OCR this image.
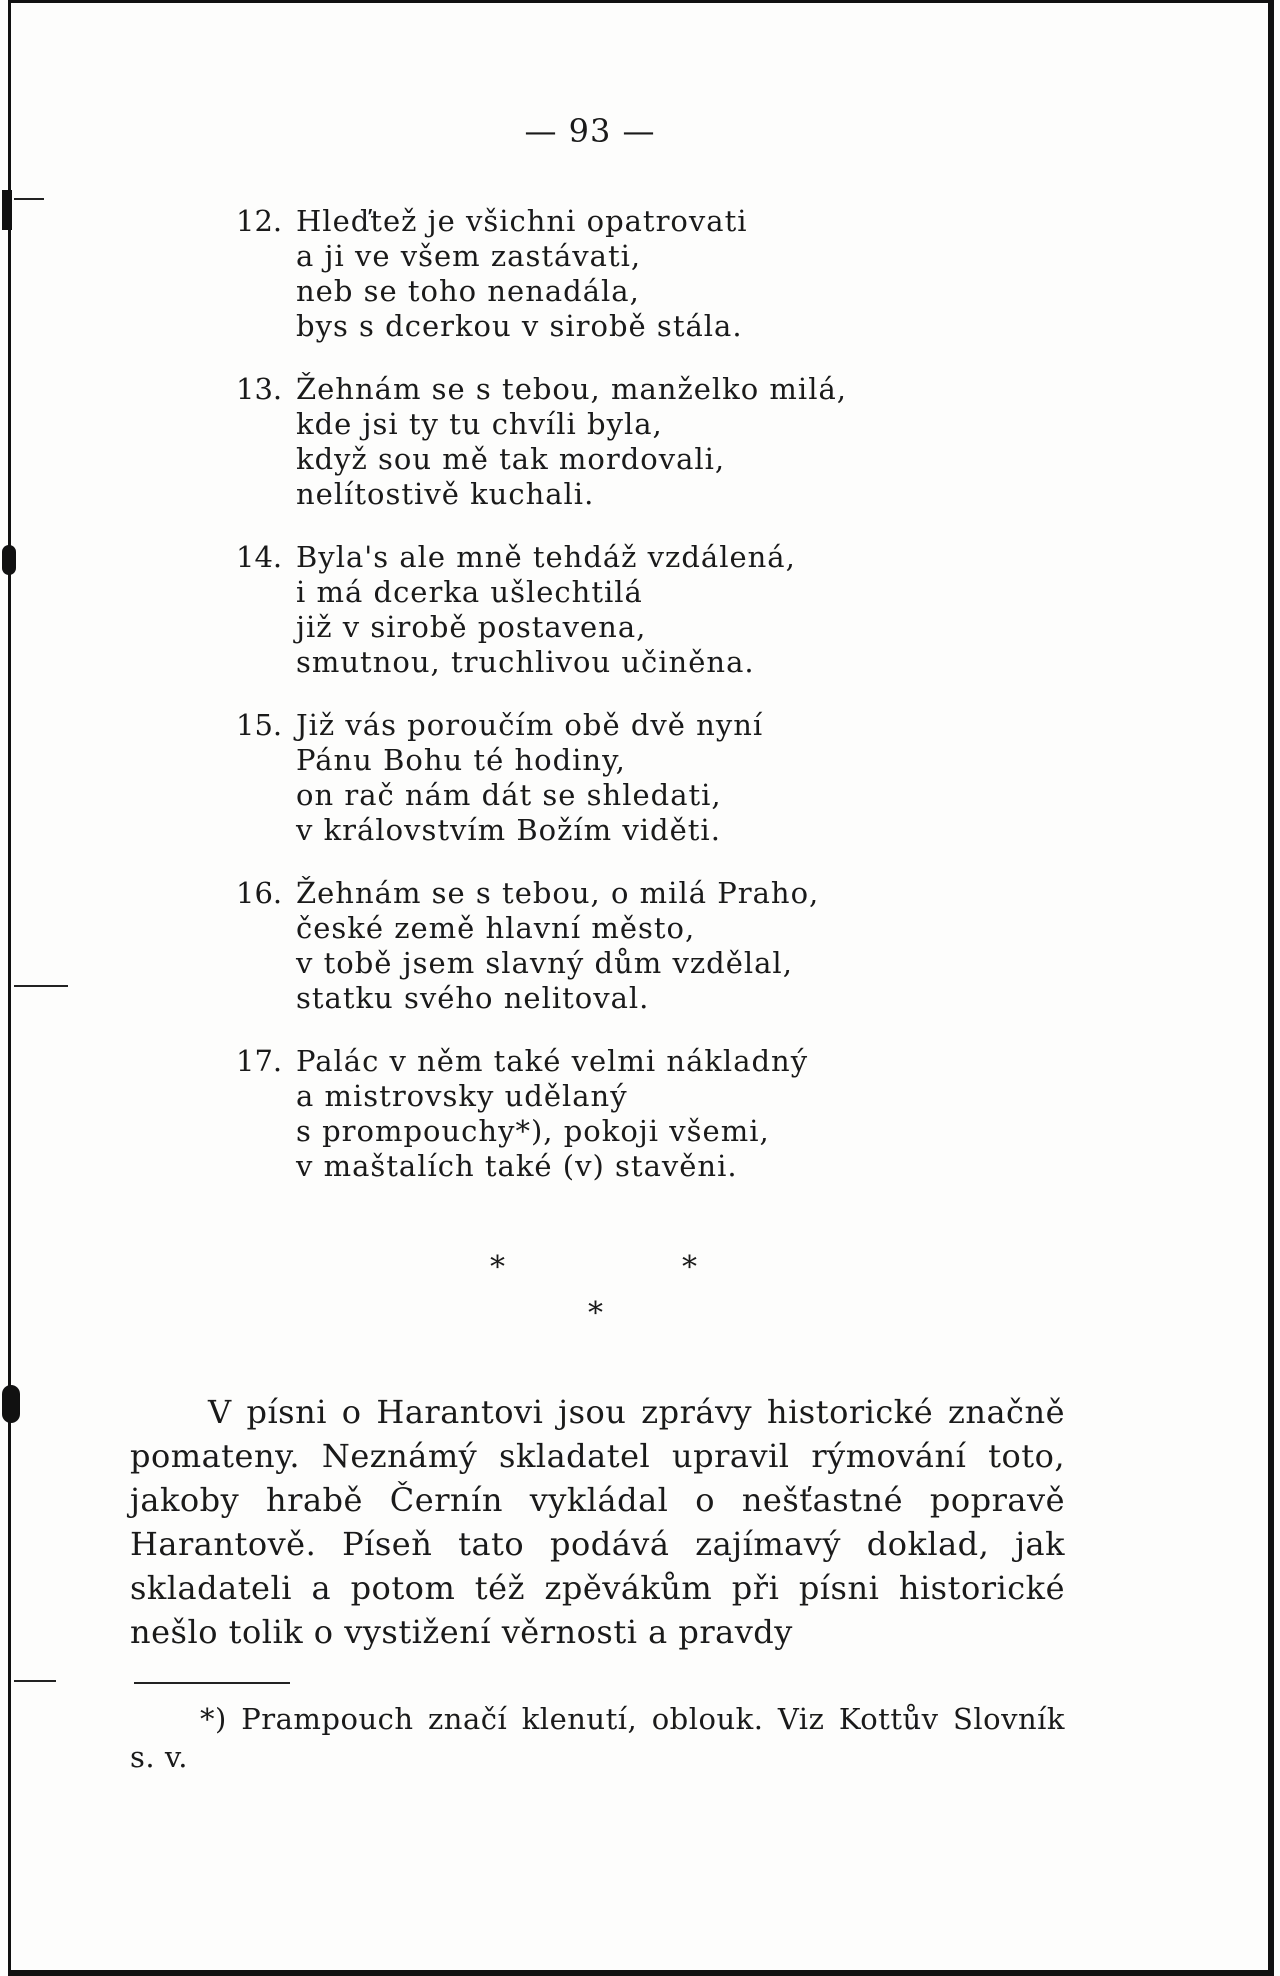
— 93 —
12. Hleďtež je všichni opatrovati
a ji ve všem zastávati,
neb se toho nenadála,
bys s dcerkou v sirobě stála.
13. Žehnám se s tebou, manželko milá,
kde jsi ty tu chvíli byla,
když sou mě tak mordovali,
nelítostivě kuchali.
14. Byla's ale mně tehdáž vzdálená,
i má dcerka ušlechtilá
již v sirobě postavena,
smutnou, truchlivou učiněna.
15. Již vás poroučím obě dvě nyní
Pánu Bohu té hodiny,
on rač nám dát se shledati,
v královstvím Božím viděti.
16. Žehnám se s tebou, o milá Praho,
české země hlavní město,
v tobě jsem slavný dům vzdělal,
statku svého nelitoval.
17. Palác v něm také velmi nákladný
a mistrovsky udělaný
s prompouchy*), pokoji všemi,
v maštalích také (v) stavěni.
*	*
*

V písni o Harantovi jsou zprávy historické značně pomateny. Neznámý skladatel upravil rýmování toto, jakoby hrabě Černín vykládal o nešťastné popravě Harantově. Píseň tato podává zajímavý doklad, jak skladateli a potom též zpěvákům při písni historické nešlo tolik o vystižení věrnosti a pravdy

*) Prampouch značí klenutí, oblouk. Viz Kottův Slovník s. v.
